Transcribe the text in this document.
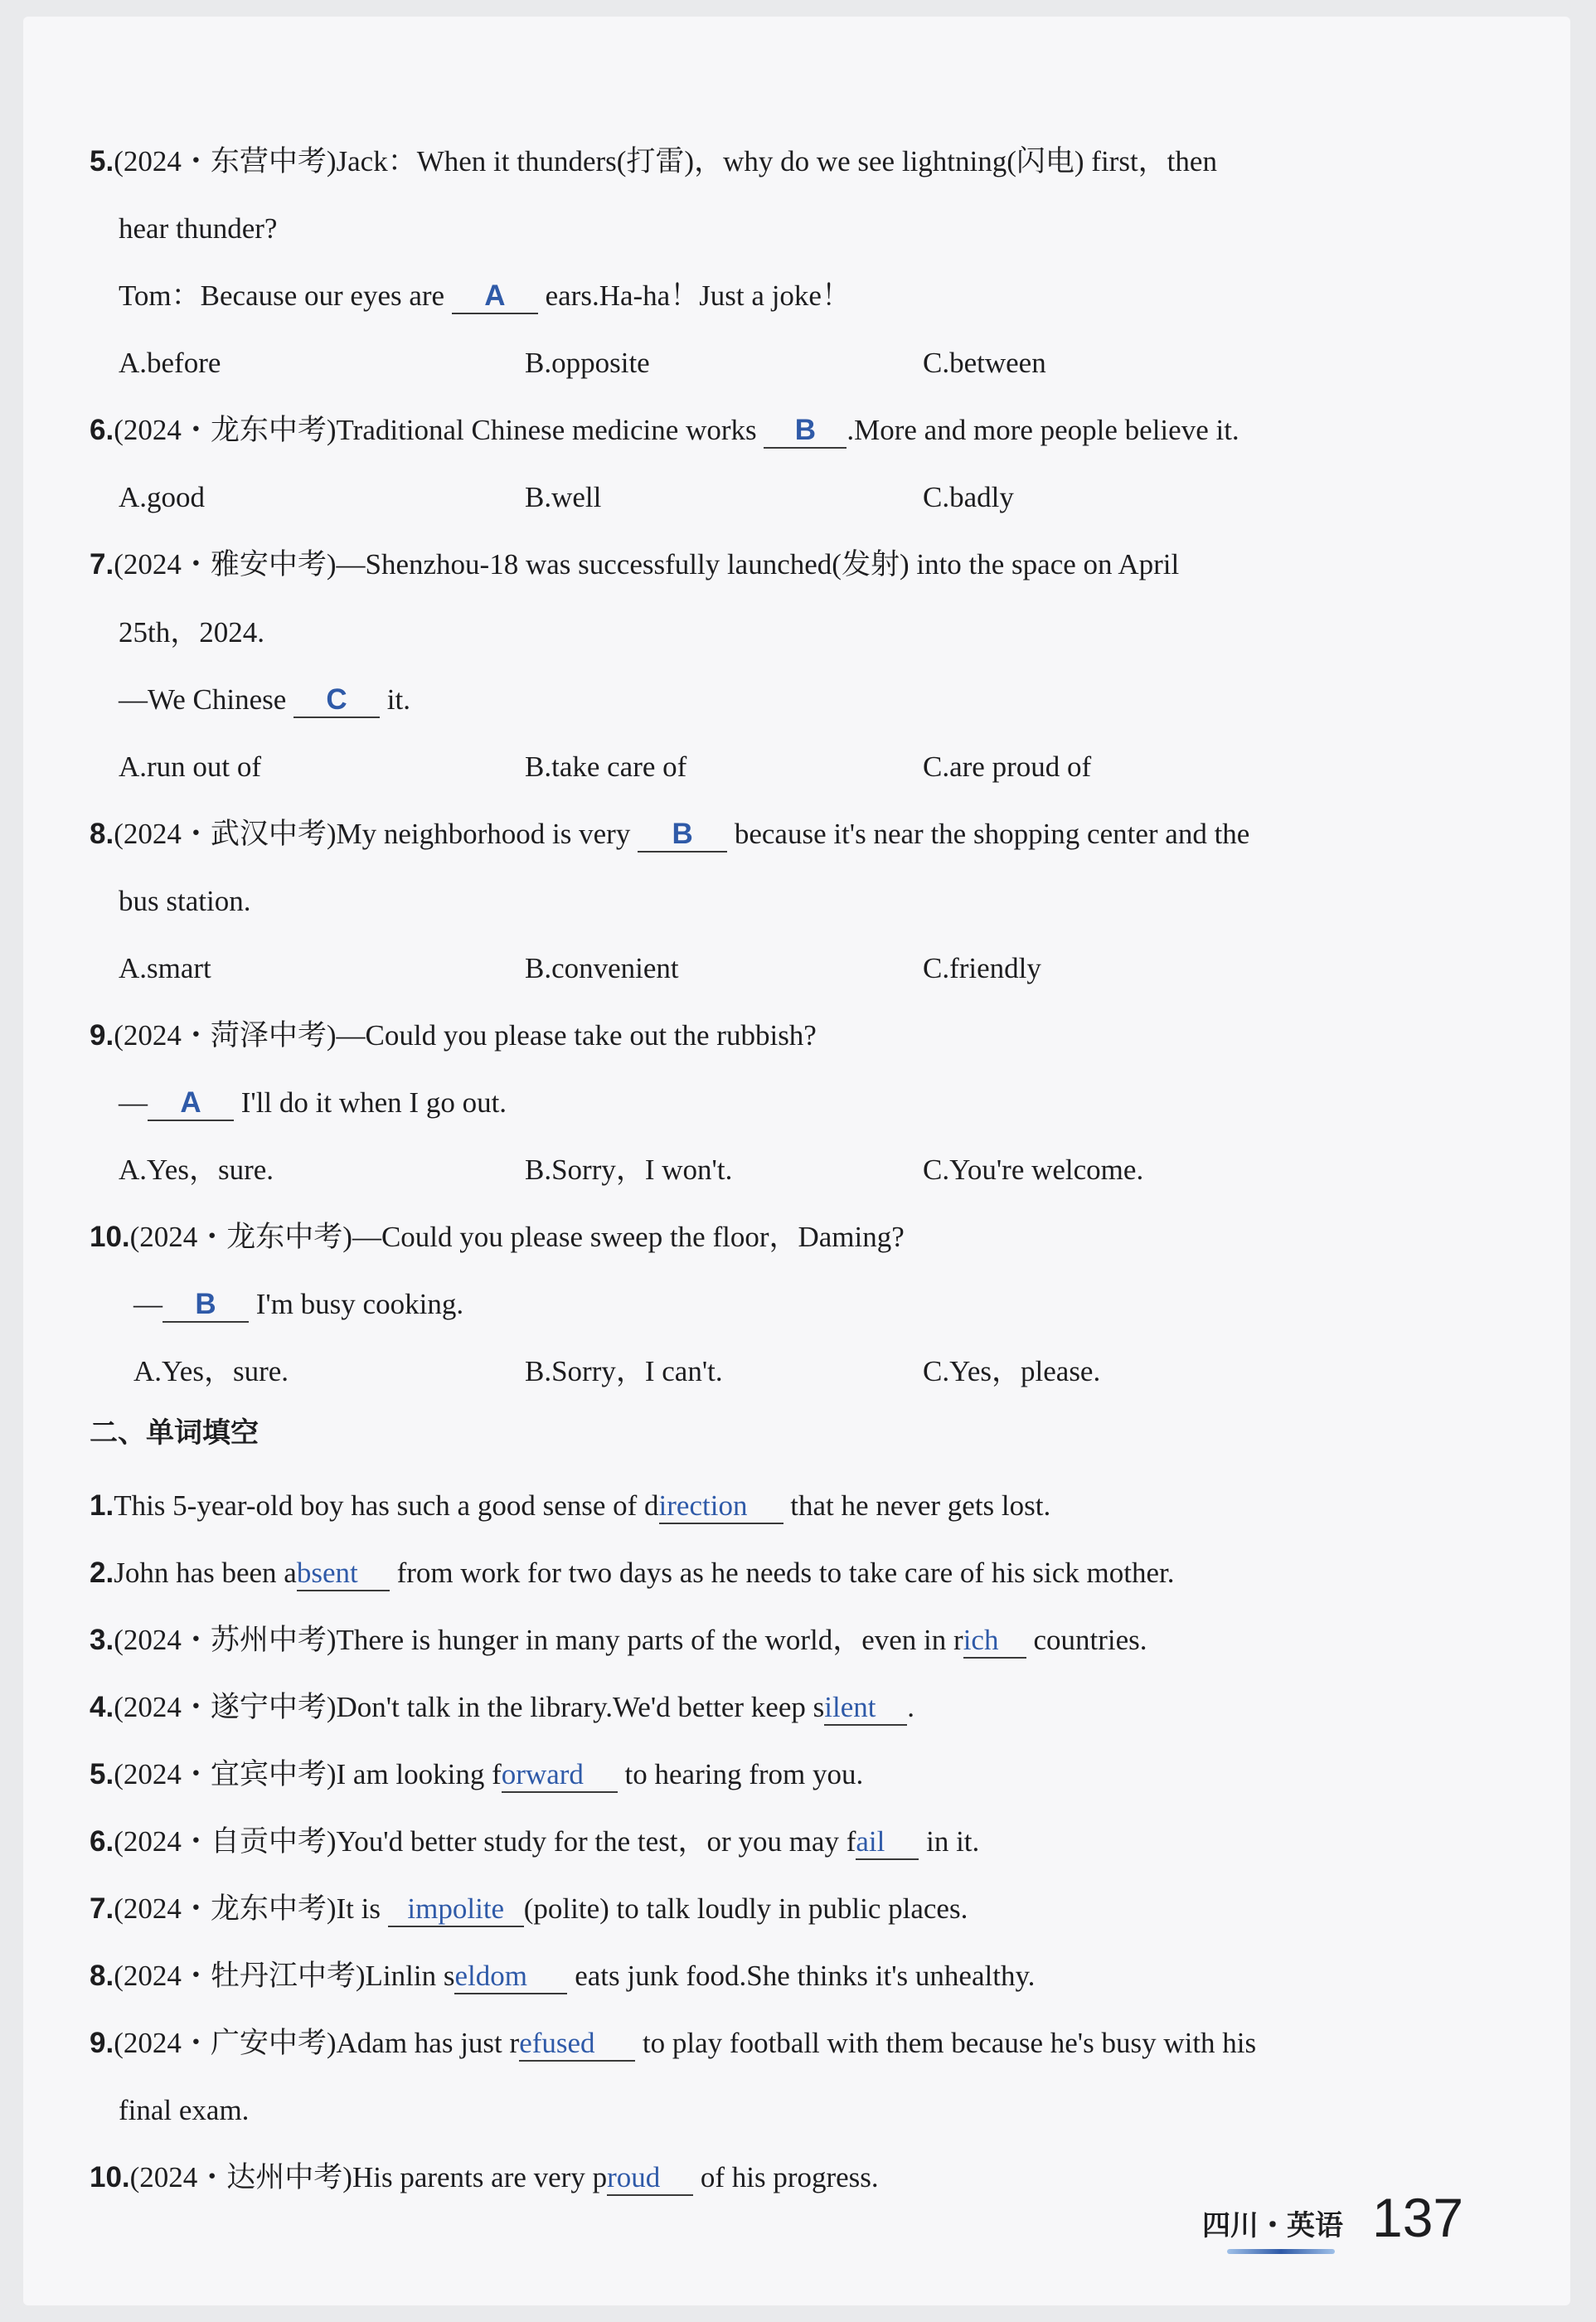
5.(2024・东营中考)Jack：When it thunders(打雷)，why do we see lightning(闪电) first，then
hear thunder?
Tom：Because our eyes are A ears.Ha-ha！Just a joke！
A.before	B.opposite	C.between
6.(2024・龙东中考)Traditional Chinese medicine works B .More and more people believe it.
A.good	B.well	C.badly
7.(2024・雅安中考)—Shenzhou-18 was successfully launched(发射) into the space on April
25th，2024.
—We Chinese C it.
A.run out of	B.take care of	C.are proud of
8.(2024・武汉中考)My neighborhood is very B because it's near the shopping center and the
bus station.
A.smart	B.convenient	C.friendly
9.(2024・菏泽中考)—Could you please take out the rubbish?
— A I'll do it when I go out.
A.Yes，sure.	B.Sorry，I won't.	C.You're welcome.
10.(2024・龙东中考)—Could you please sweep the floor，Daming?
— B I'm busy cooking.
A.Yes，sure.	B.Sorry，I can't.	C.Yes，please.
二、单词填空
1.This 5-year-old boy has such a good sense of direction that he never gets lost.
2.John has been absent from work for two days as he needs to take care of his sick mother.
3.(2024・苏州中考)There is hunger in many parts of the world，even in rich countries.
4.(2024・遂宁中考)Don't talk in the library.We'd better keep silent .
5.(2024・宜宾中考)I am looking forward to hearing from you.
6.(2024・自贡中考)You'd better study for the test，or you may fail in it.
7.(2024・龙东中考)It is impolite (polite) to talk loudly in public places.
8.(2024・牡丹江中考)Linlin seldom eats junk food.She thinks it's unhealthy.
9.(2024・广安中考)Adam has just refused to play football with them because he's busy with his
final exam.
10.(2024・达州中考)His parents are very proud of his progress.
四川・英语 137
